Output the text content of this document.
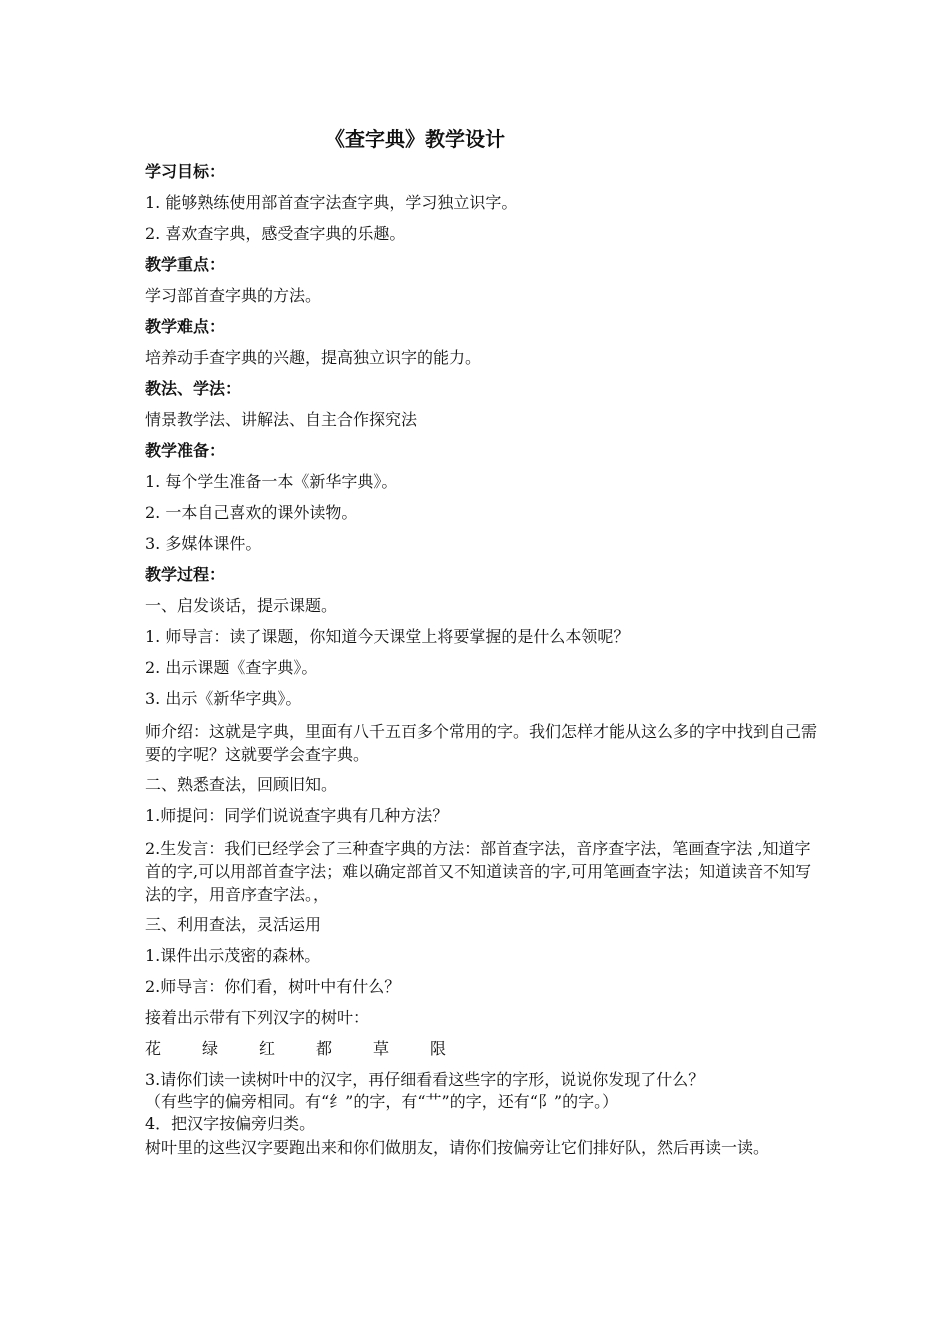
《查字典》教学设计
学习目标：
1. 能够熟练使用部首查字法查字典，学习独立识字。
2. 喜欢查字典，感受查字典的乐趣。
教学重点：
学习部首查字典的方法。
教学难点：
培养动手查字典的兴趣，提高独立识字的能力。
教法、学法：
情景教学法、讲解法、自主合作探究法
教学准备：
1. 每个学生准备一本《新华字典》。
2. 一本自己喜欢的课外读物。
3. 多媒体课件。
教学过程：
一、启发谈话，提示课题。
1. 师导言：读了课题，你知道今天课堂上将要掌握的是什么本领呢？
2. 出示课题《查字典》。
3. 出示《新华字典》。
师介绍：这就是字典，里面有八千五百多个常用的字。我们怎样才能从这么多的字中找到自己需要的字呢？这就要学会查字典。
二、熟悉查法，回顾旧知。
1.师提问：同学们说说查字典有几种方法？
2.生发言：我们已经学会了三种查字典的方法：部首查字法，音序查字法，笔画查字法 ,知道字首的字,可以用部首查字法；难以确定部首又不知道读音的字,可用笔画查字法；知道读音不知写法的字，用音序查字法。，
三、利用查法，灵活运用
1.课件出示茂密的森林。
2.师导言：你们看，树叶中有什么？
接着出示带有下列汉字的树叶：
花	绿	红	都	草	限
3.请你们读一读树叶中的汉字，再仔细看看这些字的字形，说说你发现了什么？
（有些字的偏旁相同。有“纟”的字，有“艹”的字，还有“阝”的字。）
4．把汉字按偏旁归类。
树叶里的这些汉字要跑出来和你们做朋友，请你们按偏旁让它们排好队，然后再读一读。
